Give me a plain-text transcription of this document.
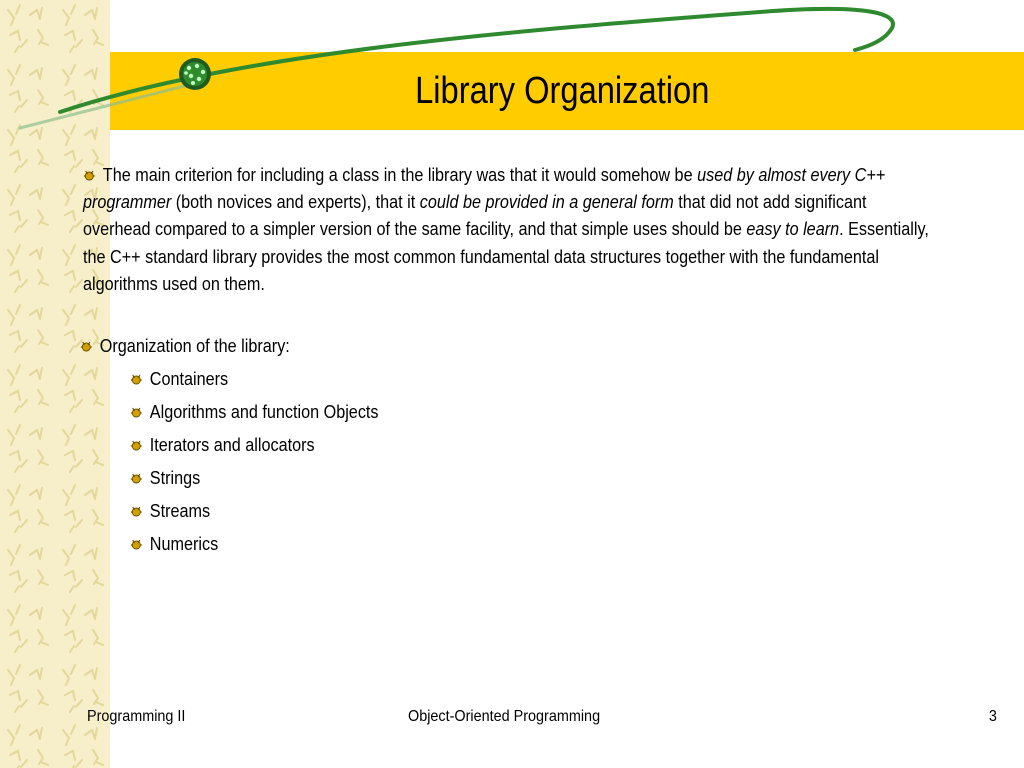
Library Organization

The main criterion for including a class in the library was that it would somehow be used by almost every C++ programmer (both novices and experts), that it could be provided in a general form that did not add significant overhead compared to a simpler version of the same facility, and that simple uses should be easy to learn. Essentially, the C++ standard library provides the most common fundamental data structures together with the fundamental algorithms used on them.

Organization of the library:
Containers
Algorithms and function Objects
Iterators and allocators
Strings
Streams
Numerics
Programming II	Object-Oriented Programming	3
